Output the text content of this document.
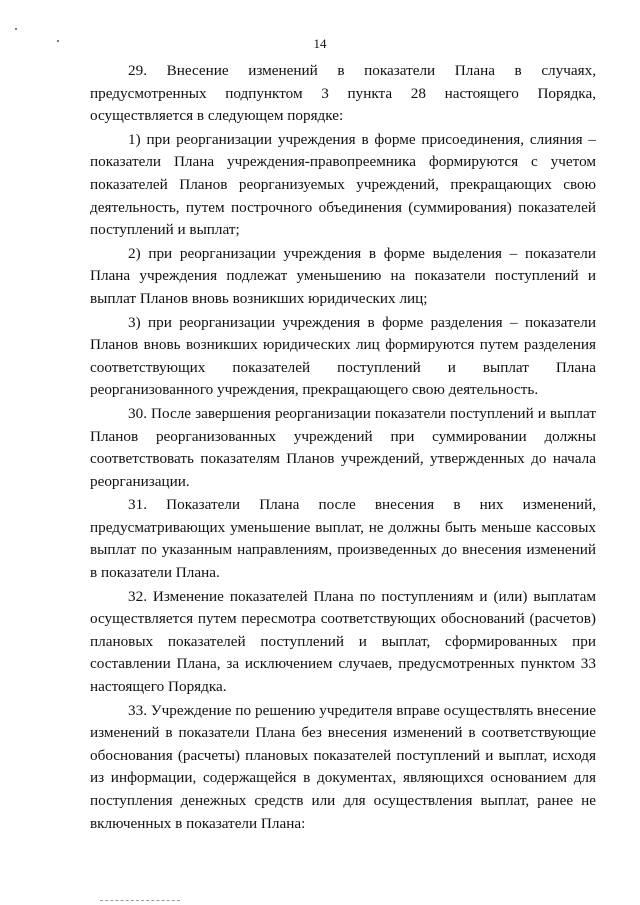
14

29. Внесение изменений в показатели Плана в случаях, предусмотренных подпунктом 3 пункта 28 настоящего Порядка, осуществляется в следующем порядке:

1) при реорганизации учреждения в форме присоединения, слияния – показатели Плана учреждения-правопреемника формируются с учетом показателей Планов реорганизуемых учреждений, прекращающих свою деятельность, путем построчного объединения (суммирования) показателей поступлений и выплат;

2) при реорганизации учреждения в форме выделения – показатели Плана учреждения подлежат уменьшению на показатели поступлений и выплат Планов вновь возникших юридических лиц;

3) при реорганизации учреждения в форме разделения – показатели Планов вновь возникших юридических лиц формируются путем разделения соответствующих показателей поступлений и выплат Плана реорганизованного учреждения, прекращающего свою деятельность.

30. После завершения реорганизации показатели поступлений и выплат Планов реорганизованных учреждений при суммировании должны соответствовать показателям Планов учреждений, утвержденных до начала реорганизации.

31. Показатели Плана после внесения в них изменений, предусматривающих уменьшение выплат, не должны быть меньше кассовых выплат по указанным направлениям, произведенных до внесения изменений в показатели Плана.

32. Изменение показателей Плана по поступлениям и (или) выплатам осуществляется путем пересмотра соответствующих обоснований (расчетов) плановых показателей поступлений и выплат, сформированных при составлении Плана, за исключением случаев, предусмотренных пунктом 33 настоящего Порядка.

33. Учреждение по решению учредителя вправе осуществлять внесение изменений в показатели Плана без внесения изменений в соответствующие обоснования (расчеты) плановых показателей поступлений и выплат, исходя из информации, содержащейся в документах, являющихся основанием для поступления денежных средств или для осуществления выплат, ранее не включенных в показатели Плана:
